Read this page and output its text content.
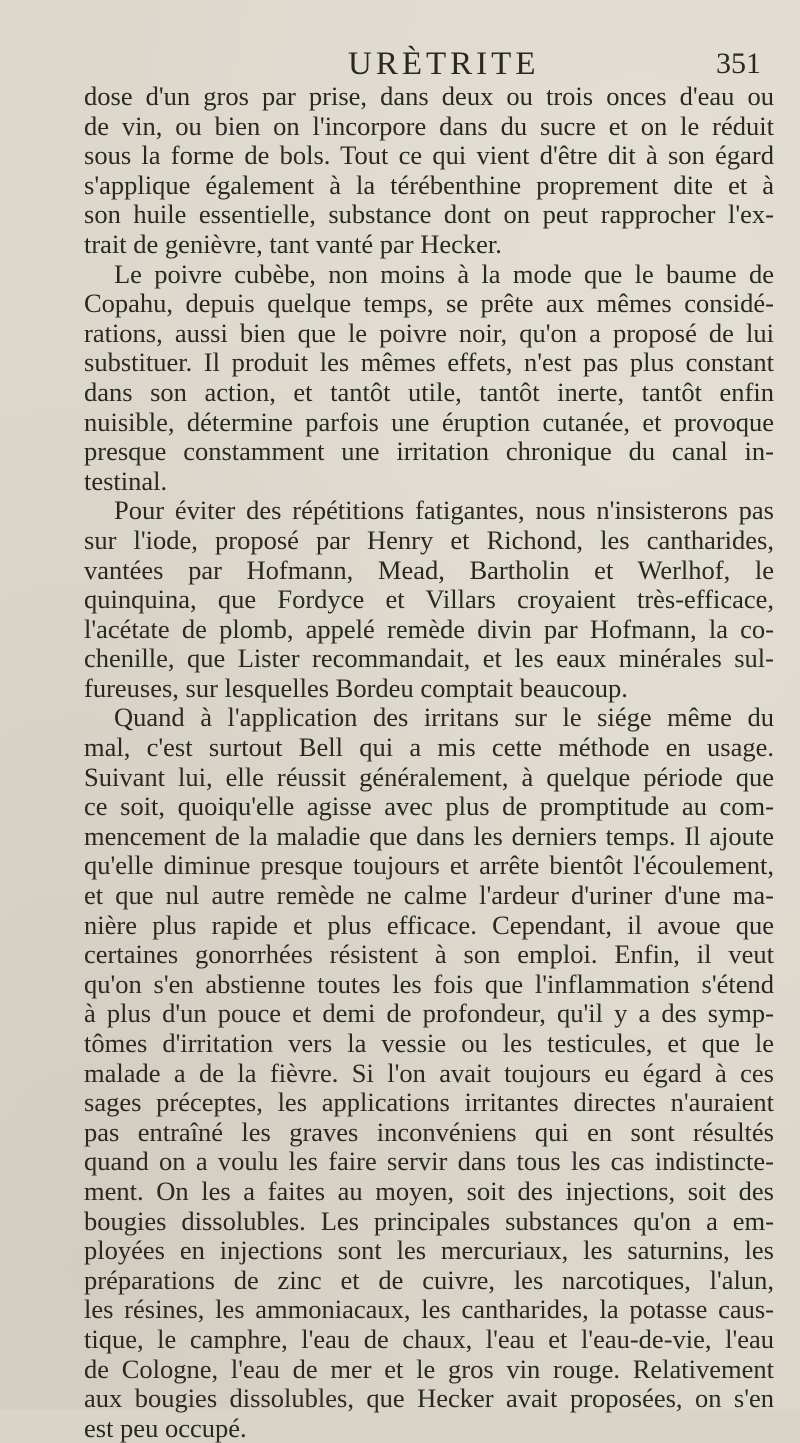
URÈTRITE	351
dose d'un gros par prise, dans deux ou trois onces d'eau ou
de vin, ou bien on l'incorpore dans du sucre et on le réduit
sous la forme de bols. Tout ce qui vient d'être dit à son égard
s'applique également à la térébenthine proprement dite et à
son huile essentielle, substance dont on peut rapprocher l'ex-
trait de genièvre, tant vanté par Hecker.
Le poivre cubèbe, non moins à la mode que le baume de
Copahu, depuis quelque temps, se prête aux mêmes considé-
rations, aussi bien que le poivre noir, qu'on a proposé de lui
substituer. Il produit les mêmes effets, n'est pas plus constant
dans son action, et tantôt utile, tantôt inerte, tantôt enfin
nuisible, détermine parfois une éruption cutanée, et provoque
presque constamment une irritation chronique du canal in-
testinal.
Pour éviter des répétitions fatigantes, nous n'insisterons pas
sur l'iode, proposé par Henry et Richond, les cantharides,
vantées par Hofmann, Mead, Bartholin et Werlhof, le
quinquina, que Fordyce et Villars croyaient très-efficace,
l'acétate de plomb, appelé remède divin par Hofmann, la co-
chenille, que Lister recommandait, et les eaux minérales sul-
fureuses, sur lesquelles Bordeu comptait beaucoup.
Quand à l'application des irritans sur le siége même du
mal, c'est surtout Bell qui a mis cette méthode en usage.
Suivant lui, elle réussit généralement, à quelque période que
ce soit, quoiqu'elle agisse avec plus de promptitude au com-
mencement de la maladie que dans les derniers temps. Il ajoute
qu'elle diminue presque toujours et arrête bientôt l'écoulement,
et que nul autre remède ne calme l'ardeur d'uriner d'une ma-
nière plus rapide et plus efficace. Cependant, il avoue que
certaines gonorrhées résistent à son emploi. Enfin, il veut
qu'on s'en abstienne toutes les fois que l'inflammation s'étend
à plus d'un pouce et demi de profondeur, qu'il y a des symp-
tômes d'irritation vers la vessie ou les testicules, et que le
malade a de la fièvre. Si l'on avait toujours eu égard à ces
sages préceptes, les applications irritantes directes n'auraient
pas entraîné les graves inconvéniens qui en sont résultés
quand on a voulu les faire servir dans tous les cas indistincte-
ment. On les a faites au moyen, soit des injections, soit des
bougies dissolubles. Les principales substances qu'on a em-
ployées en injections sont les mercuriaux, les saturnins, les
préparations de zinc et de cuivre, les narcotiques, l'alun,
les résines, les ammoniacaux, les cantharides, la potasse caus-
tique, le camphre, l'eau de chaux, l'eau et l'eau-de-vie, l'eau
de Cologne, l'eau de mer et le gros vin rouge. Relativement
aux bougies dissolubles, que Hecker avait proposées, on s'en
est peu occupé.
